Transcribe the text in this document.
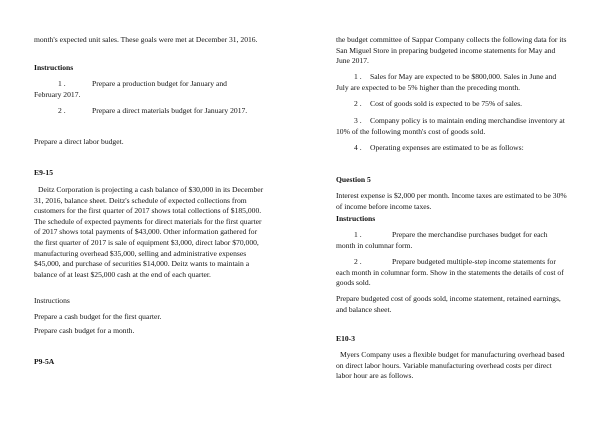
month's expected unit sales. These goals were met at December 31, 2016.

Instructions

1 .	Prepare a production budget for January and February 2017.
2 .	Prepare a direct materials budget for January 2017.

Prepare a direct labor budget.

E9-15

Deitz Corporation is projecting a cash balance of $30,000 in its December 31, 2016, balance sheet. Deitz's schedule of expected collections from customers for the first quarter of 2017 shows total collections of $185,000. The schedule of expected payments for direct materials for the first quarter of 2017 shows total payments of $43,000. Other information gathered for the first quarter of 2017 is sale of equipment $3,000, direct labor $70,000, manufacturing overhead $35,000, selling and administrative expenses $45,000, and purchase of securities $14,000. Deitz wants to maintain a balance of at least $25,000 cash at the end of each quarter.

Instructions

Prepare a cash budget for the first quarter.

Prepare cash budget for a month.

P9-5A

the budget committee of Sappar Company collects the following data for its San Miguel Store in preparing budgeted income statements for May and June 2017.

1 .	Sales for May are expected to be $800,000. Sales in June and July are expected to be 5% higher than the preceding month.
2 .	Cost of goods sold is expected to be 75% of sales.
3 .	Company policy is to maintain ending merchandise inventory at 10% of the following month's cost of goods sold.
4 .	Operating expenses are estimated to be as follows:

Question 5

Interest expense is $2,000 per month. Income taxes are estimated to be 30% of income before income taxes.

Instructions

1 .	Prepare the merchandise purchases budget for each month in columnar form.
2 .	Prepare budgeted multiple-step income statements for each month in columnar form. Show in the statements the details of cost of goods sold.

Prepare budgeted cost of goods sold, income statement, retained earnings, and balance sheet.

E10-3

Myers Company uses a flexible budget for manufacturing overhead based on direct labor hours. Variable manufacturing overhead costs per direct labor hour are as follows.
